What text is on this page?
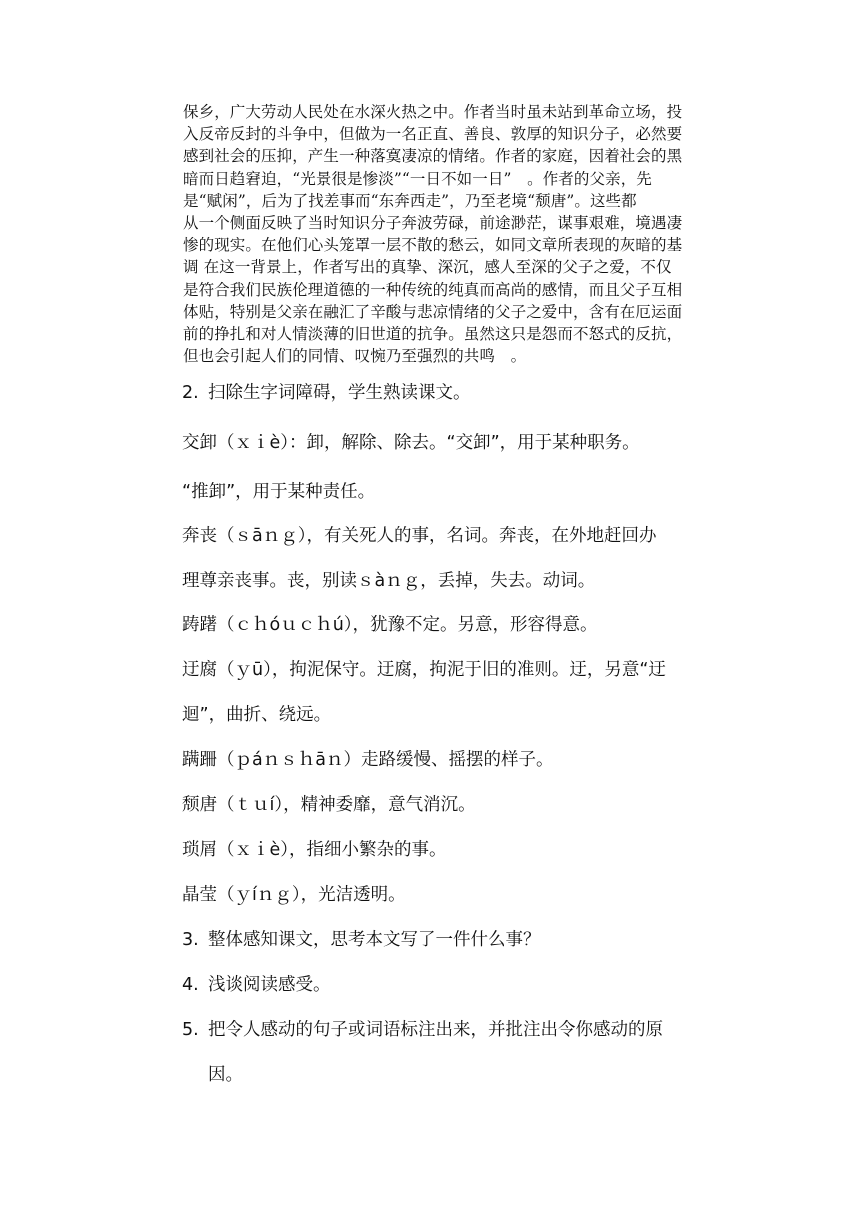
保乡，广大劳动人民处在水深火热之中。作者当时虽未站到革命立场，投
入反帝反封的斗争中，但做为一名正直、善良、敦厚的知识分子，必然要
感到社会的压抑，产生一种落寞凄凉的情绪。作者的家庭，因着社会的黑
暗而日趋窘迫，“光景很是惨淡”“一日不如一日”　。作者的父亲，先
是“赋闲”，后为了找差事而“东奔西走”，乃至老境“颓唐”。这些都
从一个侧面反映了当时知识分子奔波劳碌，前途渺茫，谋事艰难，境遇凄
惨的现实。在他们心头笼罩一层不散的愁云，如同文章所表现的灰暗的基
调 在这一背景上，作者写出的真挚、深沉，感人至深的父子之爱，不仅
是符合我们民族伦理道德的一种传统的纯真而高尚的感情，而且父子互相
体贴，特别是父亲在融汇了辛酸与悲凉情绪的父子之爱中，含有在厄运面
前的挣扎和对人情淡薄的旧世道的抗争。虽然这只是怨而不怒式的反抗，
但也会引起人们的同情、叹惋乃至强烈的共鸣　。
2. 扫除生字词障碍，学生熟读课文。
交卸（ｘｉè）：卸，解除、除去。“交卸”，用于某种职务。
“推卸”，用于某种责任。
奔丧（ｓāｎｇ），有关死人的事，名词。奔丧，在外地赶回办
理尊亲丧事。丧，别读ｓàｎｇ，丢掉，失去。动词。
踌躇（ｃｈóｕｃｈú），犹豫不定。另意，形容得意。
迂腐（ｙū），拘泥保守。迂腐，拘泥于旧的准则。迂，另意“迂
迴”，曲折、绕远。
蹒跚（ｐáｎｓｈāｎ）走路缓慢、摇摆的样子。
颓唐（ｔｕí），精神委靡，意气消沉。
琐屑（ｘｉè），指细小繁杂的事。
晶莹（ｙíｎｇ），光洁透明。
3. 整体感知课文，思考本文写了一件什么事？
4. 浅谈阅读感受。
5. 把令人感动的句子或词语标注出来，并批注出令你感动的原
因。
